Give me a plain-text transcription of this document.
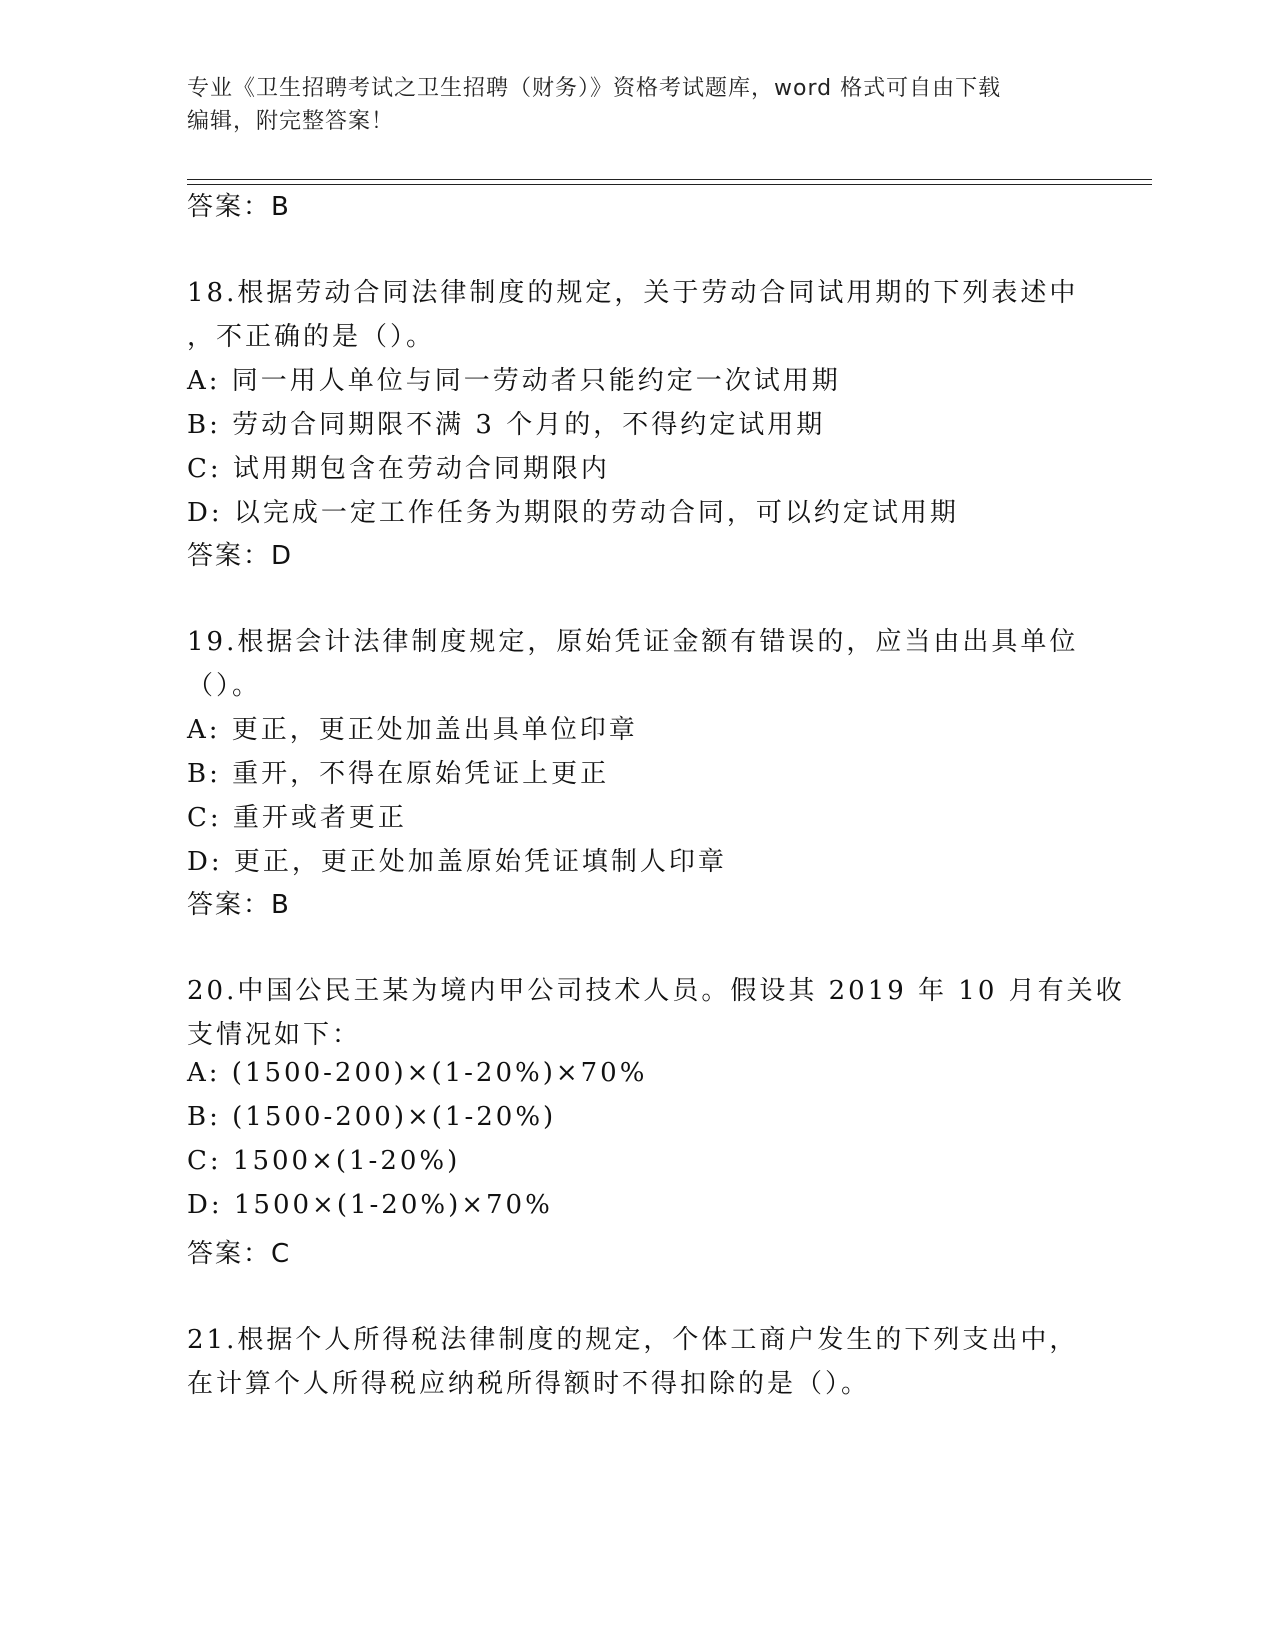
专业《卫生招聘考试之卫生招聘（财务）》资格考试题库，word 格式可自由下载
编辑，附完整答案！
答案：B
18.根据劳动合同法律制度的规定，关于劳动合同试用期的下列表述中
，不正确的是（）。
A: 同一用人单位与同一劳动者只能约定一次试用期
B: 劳动合同期限不满 3 个月的，不得约定试用期
C: 试用期包含在劳动合同期限内
D: 以完成一定工作任务为期限的劳动合同，可以约定试用期
答案：D
19.根据会计法律制度规定，原始凭证金额有错误的，应当由出具单位
（）。
A: 更正，更正处加盖出具单位印章
B: 重开，不得在原始凭证上更正
C: 重开或者更正
D: 更正，更正处加盖原始凭证填制人印章
答案：B
20.中国公民王某为境内甲公司技术人员。假设其 2019 年 10 月有关收
支情况如下：
A: (1500-200)×(1-20%)×70%
B: (1500-200)×(1-20%)
C: 1500×(1-20%)
D: 1500×(1-20%)×70%
答案：C
21.根据个人所得税法律制度的规定，个体工商户发生的下列支出中，
在计算个人所得税应纳税所得额时不得扣除的是（）。
